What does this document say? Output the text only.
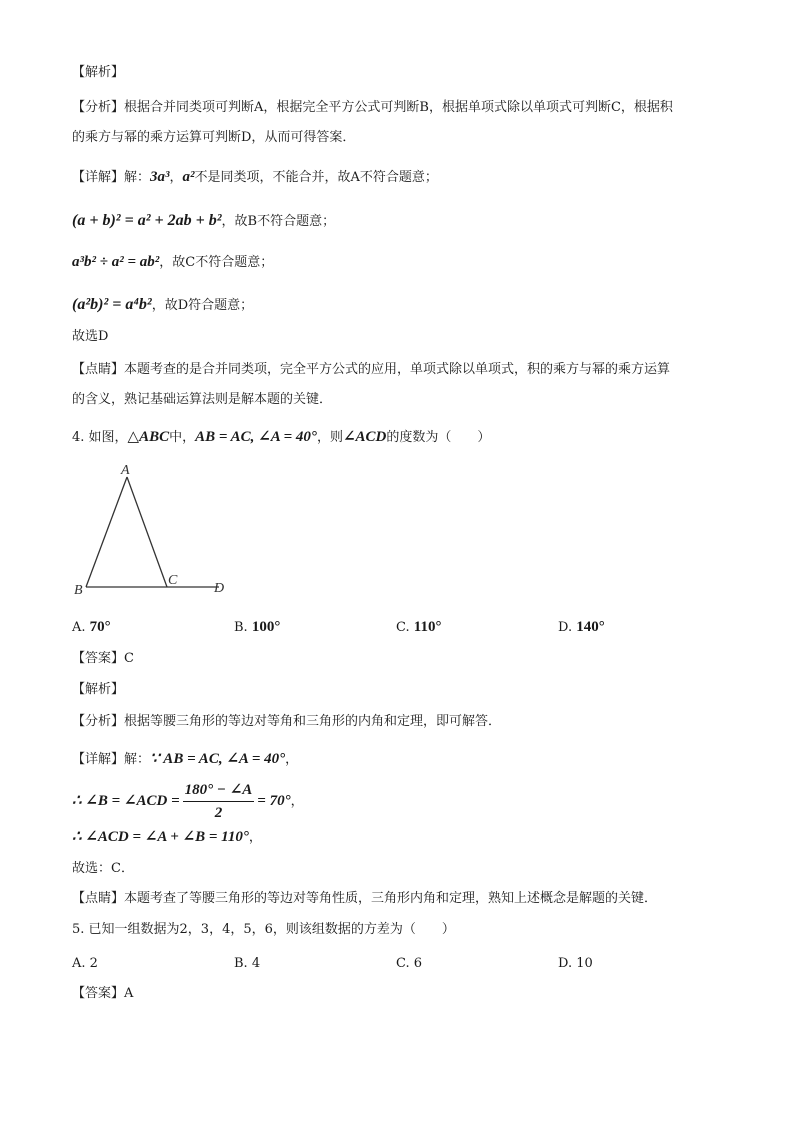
【解析】
【分析】根据合并同类项可判断A，根据完全平方公式可判断B，根据单项式除以单项式可判断C，根据积
的乘方与幂的乘方运算可判断D，从而可得答案．
【详解】解：3a³，a²不是同类项，不能合并，故A不符合题意；
(a + b)² = a² + 2ab + b²，故B不符合题意；
a³b² ÷ a² = ab²，故C不符合题意；
(a²b)² = a⁴b²，故D符合题意；
故选D
【点睛】本题考查的是合并同类项，完全平方公式的应用，单项式除以单项式，积的乘方与幂的乘方运算
的含义，熟记基础运算法则是解本题的关键．
4. 如图，△ABC中，AB = AC, ∠A = 40°，则∠ACD的度数为（　　）
A
B
C
D
A. 70°	B. 100°	C. 110°	D. 140°
【答案】C
【解析】
【分析】根据等腰三角形的等边对等角和三角形的内角和定理，即可解答．
【详解】解：∵ AB = AC, ∠A = 40°，
∴ ∠B = ∠ACD = $\frac{180^\circ - \angle A}{2} = 70^\circ$，
∴ ∠ACD = ∠A + ∠B = 110°，
故选：C．
【点睛】本题考查了等腰三角形的等边对等角性质，三角形内角和定理，熟知上述概念是解题的关键．
5. 已知一组数据为2，3，4，5，6，则该组数据的方差为（　　）
A. 2	B. 4	C. 6	D. 10
【答案】A
